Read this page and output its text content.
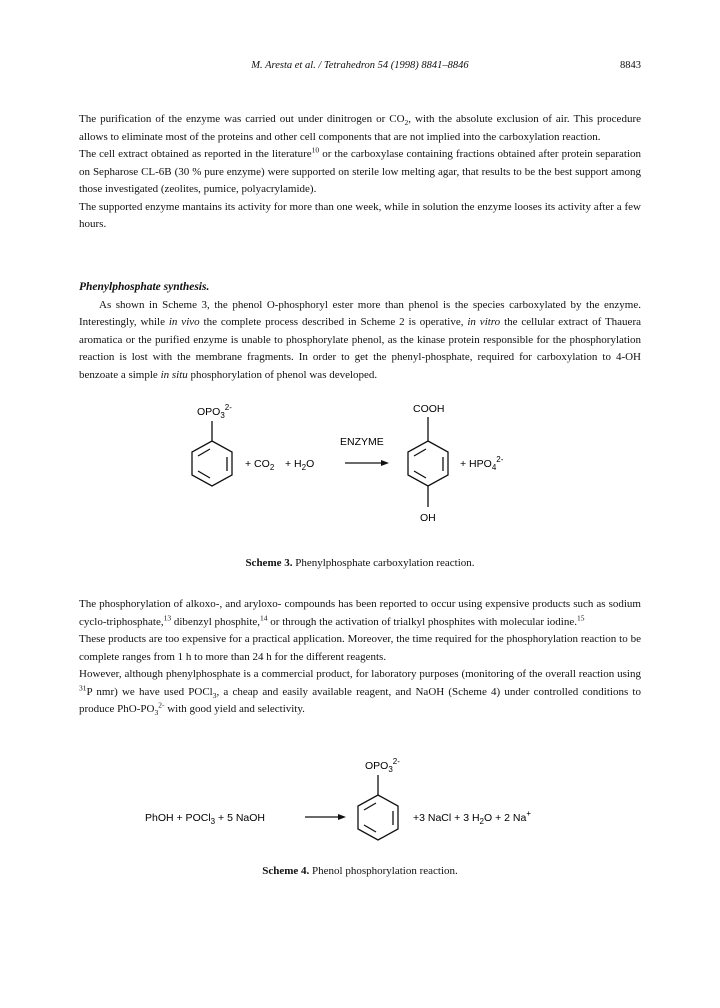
M. Aresta et al. / Tetrahedron 54 (1998) 8841–8846	8843

The purification of the enzyme was carried out under dinitrogen or $CO_2$, with the absolute exclusion of air. This procedure allows to eliminate most of the proteins and other cell components that are not implied into the carboxylation reaction.

The cell extract obtained as reported in the literature$^{10}$ or the carboxylase containing fractions obtained after protein separation on Sepharose CL-6B (30 % pure enzyme) were supported on sterile low melting agar, that results to be the best support among those investigated (zeolites, pumice, polyacrylamide).

The supported enzyme mantains its activity for more than one week, while in solution the enzyme looses its activity after a few hours.

Phenylphosphate synthesis.

As shown in Scheme 3, the phenol O-phosphoryl ester more than phenol is the species carboxylated by the enzyme. Interestingly, while in vivo the complete process described in Scheme 2 is operative, in vitro the cellular extract of Thauera aromatica or the purified enzyme is unable to phosphorylate phenol, as the kinase protein responsible for the phosphorylation reaction is lost with the membrane fragments. In order to get the phenyl-phosphate, required for carboxylation to 4-OH benzoate a simple in situ phosphorylation of phenol was developed.

$OPO_3^{2-}$
+ $CO_2 + H_2O$
ENZYME
COOH
OH
+ $HPO_4^{2-}$
Scheme 3. Phenylphosphate carboxylation reaction.

The phosphorylation of alkoxo-, and aryloxo- compounds has been reported to occur using expensive products such as sodium cyclo-triphosphate,$^{13}$ dibenzyl phosphite,$^{14}$ or through the activation of trialkyl phosphites with molecular iodine.$^{15}$

These products are too expensive for a practical application. Moreover, the time required for the phosphorylation reaction to be complete ranges from 1 h to more than 24 h for the different reagents.

However, although phenylphosphate is a commercial product, for laboratory purposes (monitoring of the overall reaction using $^{31}$P nmr) we have used POCl$_3$, a cheap and easily available reagent, and NaOH (Scheme 4) under controlled conditions to produce PhO-$PO_3^{2-}$ with good yield and selectivity.

$OPO_3^{2-}$
PhOH + POCl$_3$ + 5 NaOH	+3 NaCl + 3 $H_2O + 2$ Na+
Scheme 4. Phenol phosphorylation reaction.
